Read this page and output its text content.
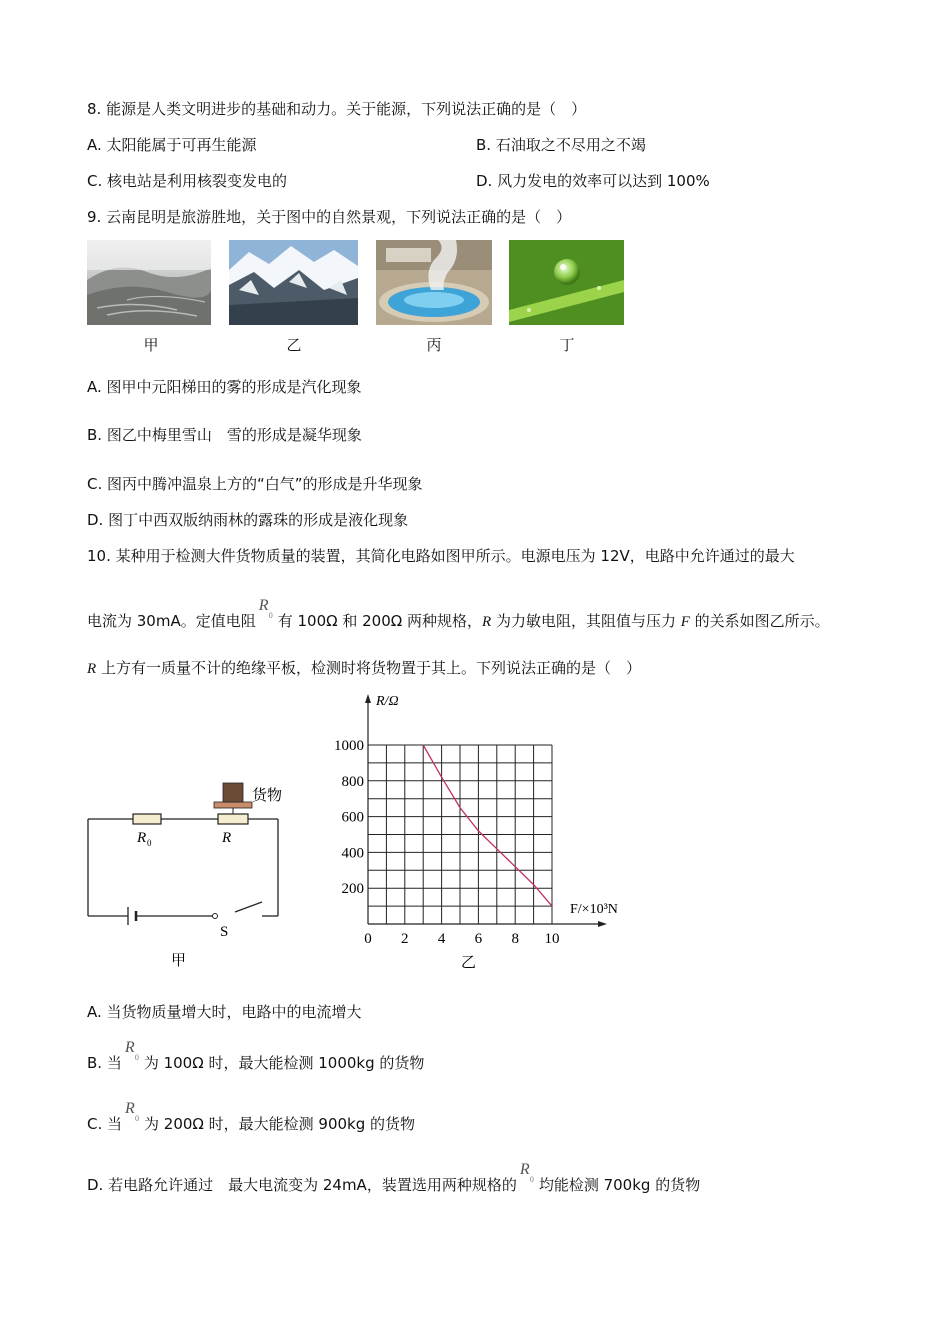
8. 能源是人类文明进步的基础和动力。关于能源，下列说法正确的是（　）
A. 太阳能属于可再生能源	B. 石油取之不尽用之不竭
C. 核电站是利用核裂变发电的	D. 风力发电的效率可以达到 100%
9. 云南昆明是旅游胜地，关于图中的自然景观，下列说法正确的是（　）
甲	乙	丙	丁
A. 图甲中元阳梯田的雾的形成是汽化现象
B. 图乙中梅里雪山　雪的形成是凝华现象
C. 图丙中腾冲温泉上方的“白气”的形成是升华现象
D. 图丁中西双版纳雨林的露珠的形成是液化现象
10. 某种用于检测大件货物质量的装置，其简化电路如图甲所示。电源电压为 12V，电路中允许通过的最大
电流为 30mA。定值电阻
R
0 有 100Ω 和 200Ω 两种规格，R 为力敏电阻，其阻值与压力 F 的关系如图乙所示。
R 上方有一质量不计的绝缘平板，检测时将货物置于其上。下列说法正确的是（　）
货物
R 0	R
S
甲
0 2 4 6 8 10
200
400
600
800
1000
R/Ω
F/×10³N
乙
A. 当货物质量增大时，电路中的电流增大
B. 当
R
0 为 100Ω 时，最大能检测 1000kg 的货物
C. 当
R
0 为 200Ω 时，最大能检测 900kg 的货物
D. 若电路允许通过　最大电流变为 24mA，装置选用两种规格的
R
0 均能检测 700kg 的货物
